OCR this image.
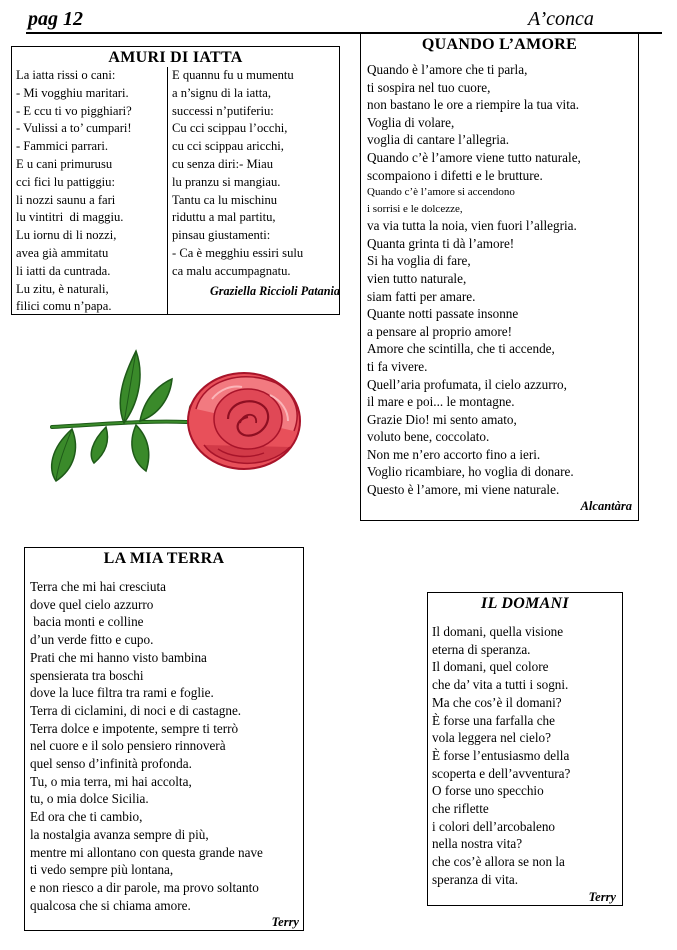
pag 12	A’conca
AMURI DI IATTA
La iatta rissi o cani:
- Mi vogghiu maritari.
- E ccu ti vo pigghiari?
- Vulissi a to’ cumpari!
- Fammici parrari.
E u cani primurusu
cci fici lu pattiggiu:
li nozzi saunu a fari
lu vintitri  di maggiu.
Lu iornu di li nozzi,
avea già ammitatu
li iatti da cuntrada.
Lu zitu, è naturali,
filici comu n’papa.
E quannu fu u mumentu
a n’signu di la iatta,
successi n’putiferiu:
Cu cci scippau l’occhi,
cu cci scippau aricchi,
cu senza diri:- Miau
lu pranzu si mangiau.
Tantu ca lu mischinu
riduttu a mal partitu,
pinsau giustamenti:
- Ca è megghiu essiri sulu
ca malu accumpagnatu.
Graziella Riccioli Patania
QUANDO L’AMORE
Quando è l’amore che ti parla,
ti sospira nel tuo cuore,
non bastano le ore a riempire la tua vita.
Voglia di volare,
voglia di cantare l’allegria.
Quando c’è l’amore viene tutto naturale,
scompaiono i difetti e le brutture.
Quando c’è l’amore si accendono
i sorrisi e le dolcezze,
va via tutta la noia, vien fuori l’allegria.
Quanta grinta ti dà l’amore!
Si ha voglia di fare,
vien tutto naturale,
siam fatti per amare.
Quante notti passate insonne
a pensare al proprio amore!
Amore che scintilla, che ti accende,
ti fa vivere.
Quell’aria profumata, il cielo azzurro,
il mare e poi... le montagne.
Grazie Dio! mi sento amato,
voluto bene, coccolato.
Non me n’ero accorto fino a ieri.
Voglio ricambiare, ho voglia di donare.
Questo è l’amore, mi viene naturale.
Alcantàra
LA MIA TERRA
Terra che mi hai cresciuta
dove quel cielo azzurro
bacia monti e colline
d’un verde fitto e cupo.
Prati che mi hanno visto bambina
spensierata tra boschi
dove la luce filtra tra rami e foglie.
Terra di ciclamini, di noci e di castagne.
Terra dolce e impotente, sempre ti terrò
nel cuore e il solo pensiero rinnoverà
quel senso d’infinità profonda.
Tu, o mia terra, mi hai accolta,
tu, o mia dolce Sicilia.
Ed ora che ti cambio,
la nostalgia avanza sempre di più,
mentre mi allontano con questa grande nave
ti vedo sempre più lontana,
e non riesco a dir parole, ma provo soltanto
qualcosa che si chiama amore.
Terry
IL DOMANI
Il domani, quella visione
eterna di speranza.
Il domani, quel colore
che da’ vita a tutti i sogni.
Ma che cos’è il domani?
È forse una farfalla che
vola leggera nel cielo?
È forse l’entusiasmo della
scoperta e dell’avventura?
O forse uno specchio
che riflette
i colori dell’arcobaleno
nella nostra vita?
che cos’è allora se non la
speranza di vita.
Terry
